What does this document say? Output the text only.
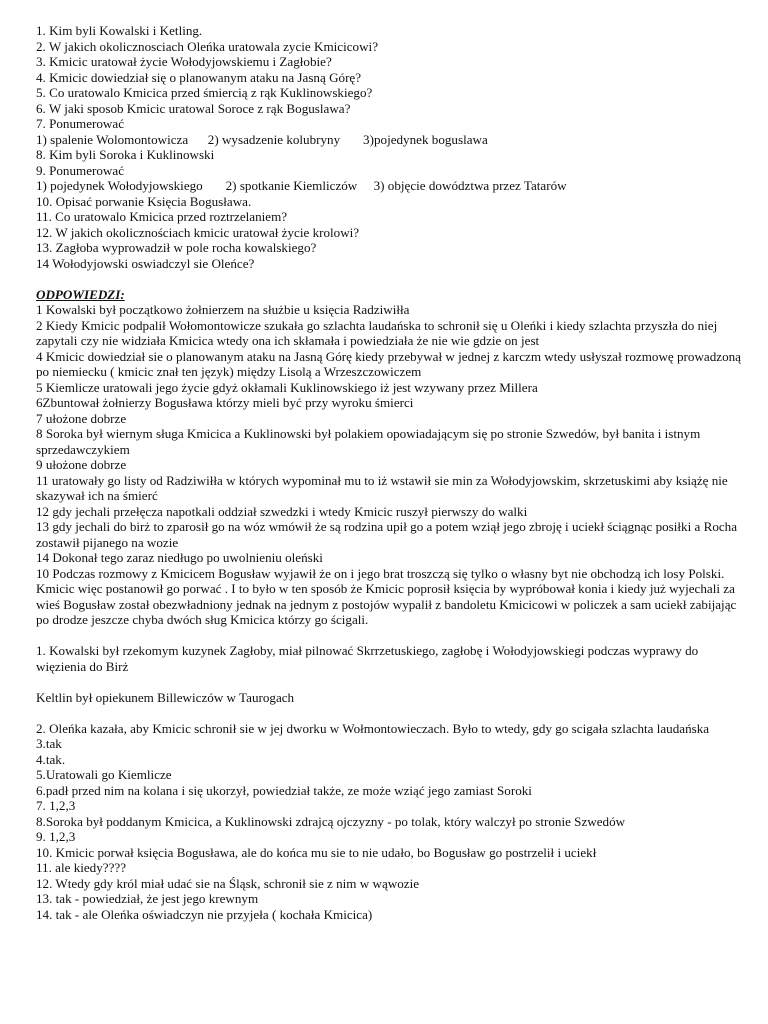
1. Kim byli Kowalski i Ketling.
2. W jakich okolicznosciach Oleńka uratowala zycie Kmicicowi?
3. Kmicic uratował życie Wołodyjowskiemu i Zagłobie?
4. Kmicic dowiedział się o planowanym ataku na Jasną Górę?
5. Co uratowalo Kmicica przed śmiercią z rąk Kuklinowskiego?
6. W jaki sposob Kmicic uratowal Soroce z rąk Boguslawa?
7. Ponumerować
1) spalenie Wolomontowicza      2) wysadzenie kolubryny       3)pojedynek boguslawa
8. Kim byli Soroka i Kuklinowski
9. Ponumerować
1) pojedynek Wołodyjowskiego       2) spotkanie Kiemliczów     3) objęcie dowództwa przez Tatarów
10. Opisać porwanie Księcia Bogusława.
11. Co uratowalo Kmicica przed roztrzelaniem?
12. W jakich okolicznościach kmicic uratował życie krolowi?
13. Zagłoba wyprowadził w pole rocha kowalskiego?
14 Wołodyjowski oswiadczyl sie Oleńce?
ODPOWIEDZI:
1 Kowalski był początkowo żołnierzem na służbie u księcia Radziwiłła
2 Kiedy Kmicic podpalił Wołomontowicze szukała go szlachta laudańska to schronił się u Oleńki i kiedy szlachta przyszła do niej zapytali czy nie widziała Kmicica wtedy ona ich skłamała i powiedziała że nie wie gdzie on jest
4 Kmicic dowiedział sie o planowanym ataku na Jasną Górę kiedy przebywał w jednej z karczm wtedy usłyszał rozmowę prowadzoną po niemiecku ( kmicic znał ten język) między Lisolą a Wrzeszczowiczem
5 Kiemlicze uratowali jego życie gdyż okłamali Kuklinowskiego iż jest wzywany przez Millera
6Zbuntował żołnierzy Bogusława którzy mieli być przy wyroku śmierci
7 ułożone dobrze
8 Soroka był wiernym sługa Kmicica a Kuklinowski był polakiem opowiadającym się po stronie Szwedów, był banita i istnym sprzedawczykiem
9 ułożone dobrze
11 uratowały go listy od Radziwiłła w których wypominał mu to iż wstawił sie min za Wołodyjowskim, skrzetuskimi aby książę nie skazywał ich na śmierć
12 gdy jechali przełęcza napotkali oddział szwedzki i wtedy Kmicic ruszył pierwszy do walki
13 gdy jechali do birż to zparosił go na wóz wmówił że są rodzina upił go a potem wziął jego zbroję i uciekł ściągnąc posiłki a Rocha zostawił pijanego na wozie
14 Dokonał tego zaraz niedługo po uwolnieniu oleński
10 Podczas rozmowy z Kmicicem Bogusław wyjawił że on i jego brat troszczą się tylko o własny byt nie obchodzą ich losy Polski. Kmicic więc postanowił go porwać . I to było w ten sposób że Kmicic poprosił księcia by wypróbował konia i kiedy już wyjechali za wieś Bogusław został obezwładniony jednak na jednym z postojów wypalił z bandoletu Kmicicowi w policzek a sam uciekł zabijając po drodze jeszcze chyba dwóch sług Kmicica którzy go ścigali.
1. Kowalski był rzekomym kuzynek Zagłoby, miał pilnować Skrrzetuskiego, zagłobę i Wołodyjowskiegi podczas wyprawy do więzienia do Birż
Keltlin był opiekunem Billewiczów w Taurogach
2. Oleńka kazała, aby Kmicic schronił sie w jej dworku w Wołmontowieczach. Było to wtedy, gdy go scigała szlachta laudańska
3.tak
4.tak.
5.Uratowali go Kiemlicze
6.padł przed nim na kolana i się ukorzył, powiedział także, ze może wziąć jego zamiast Soroki
7. 1,2,3
8.Soroka był poddanym Kmicica, a Kuklinowski zdrajcą ojczyzny - po tolak, który walczył po stronie Szwedów
9. 1,2,3
10. Kmicic porwał księcia Bogusława, ale do końca mu sie to nie udało, bo Bogusław go postrzelił i uciekł
11. ale kiedy????
12. Wtedy gdy król miał udać sie na Śląsk, schronił sie z nim w wąwozie
13. tak - powiedział, że jest jego krewnym
14. tak - ale Oleńka oświadczyn nie przyjeła ( kochała Kmicica)
